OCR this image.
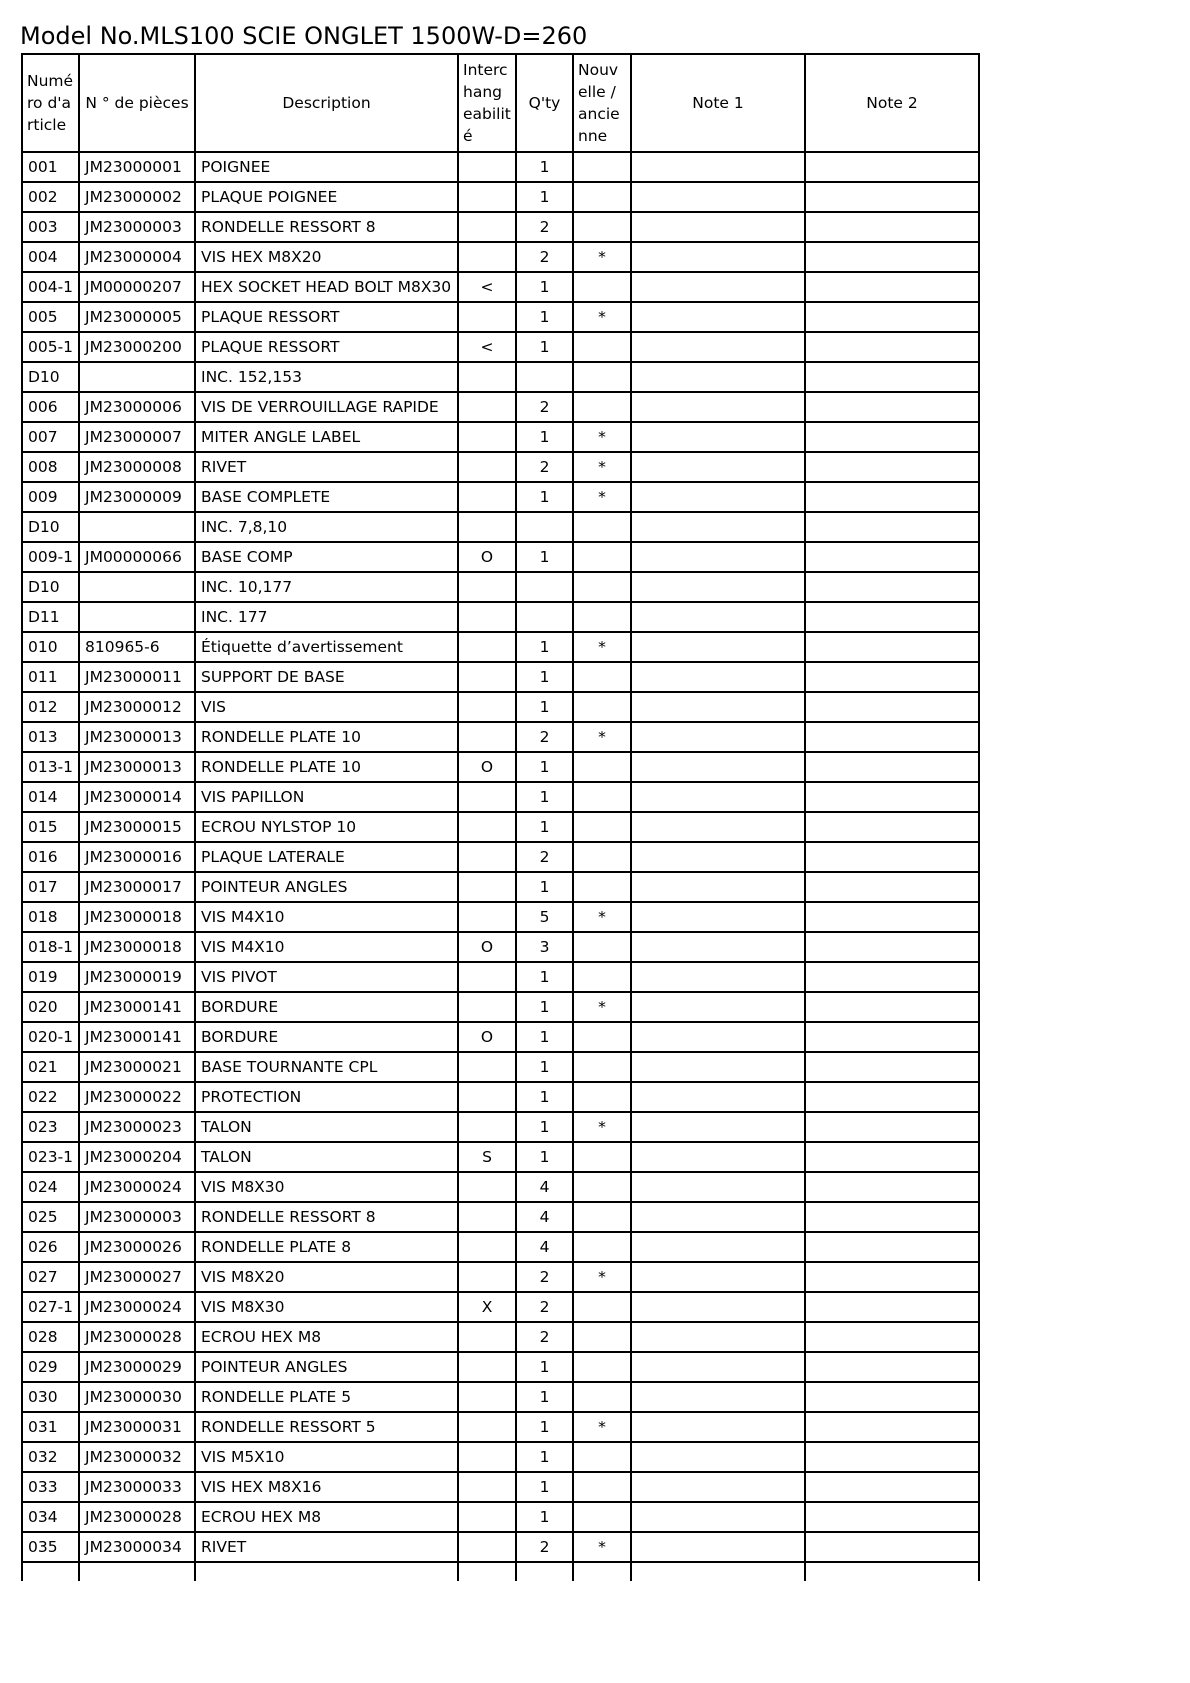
Model No.MLS100 SCIE ONGLET 1500W-D=260
Numéro d'article	N ° de pièces	Description	Interchangeabilité	Q'ty	Nouvelle / ancienne	Note 1	Note 2
001	JM23000001	POIGNEE		1			
002	JM23000002	PLAQUE POIGNEE		1			
003	JM23000003	RONDELLE RESSORT 8		2			
004	JM23000004	VIS HEX M8X20		2	*		
004-1	JM00000207	HEX SOCKET HEAD BOLT M8X30	<	1			
005	JM23000005	PLAQUE RESSORT		1	*		
005-1	JM23000200	PLAQUE RESSORT	<	1			
D10		INC. 152,153					
006	JM23000006	VIS DE VERROUILLAGE RAPIDE		2			
007	JM23000007	MITER ANGLE LABEL		1	*		
008	JM23000008	RIVET		2	*		
009	JM23000009	BASE COMPLETE		1	*		
D10		INC. 7,8,10					
009-1	JM00000066	BASE COMP	O	1			
D10		INC. 10,177					
D11		INC. 177					
010	810965-6	Étiquette d’avertissement		1	*		
011	JM23000011	SUPPORT DE BASE		1			
012	JM23000012	VIS		1			
013	JM23000013	RONDELLE PLATE 10		2	*		
013-1	JM23000013	RONDELLE PLATE 10	O	1			
014	JM23000014	VIS PAPILLON		1			
015	JM23000015	ECROU NYLSTOP 10		1			
016	JM23000016	PLAQUE LATERALE		2			
017	JM23000017	POINTEUR ANGLES		1			
018	JM23000018	VIS M4X10		5	*		
018-1	JM23000018	VIS M4X10	O	3			
019	JM23000019	VIS PIVOT		1			
020	JM23000141	BORDURE		1	*		
020-1	JM23000141	BORDURE	O	1			
021	JM23000021	BASE TOURNANTE CPL		1			
022	JM23000022	PROTECTION		1			
023	JM23000023	TALON		1	*		
023-1	JM23000204	TALON	S	1			
024	JM23000024	VIS M8X30		4			
025	JM23000003	RONDELLE RESSORT 8		4			
026	JM23000026	RONDELLE PLATE 8		4			
027	JM23000027	VIS M8X20		2	*		
027-1	JM23000024	VIS M8X30	X	2			
028	JM23000028	ECROU HEX M8		2			
029	JM23000029	POINTEUR ANGLES		1			
030	JM23000030	RONDELLE PLATE 5		1			
031	JM23000031	RONDELLE RESSORT 5		1	*		
032	JM23000032	VIS M5X10		1			
033	JM23000033	VIS HEX M8X16		1			
034	JM23000028	ECROU HEX M8		1			
035	JM23000034	RIVET		2	*		
